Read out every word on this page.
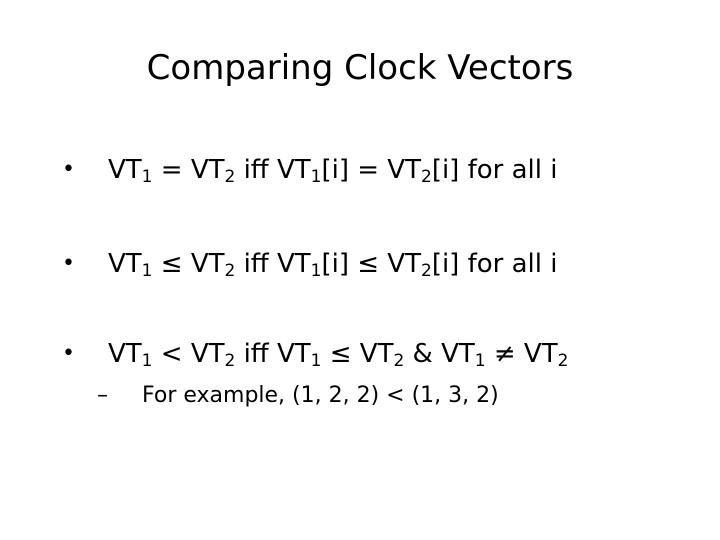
Comparing Clock Vectors
• $VT_1 = VT_2$ iff $VT_1[i] = VT_2[i]$ for all i
• $VT_1 \le VT_2$ iff $VT_1[i] \le VT_2[i]$ for all i
• $VT_1 < VT_2$ iff $VT_1 \le VT_2$ & $VT_1 \ne VT_2$
– For example, (1, 2, 2) < (1, 3, 2)
